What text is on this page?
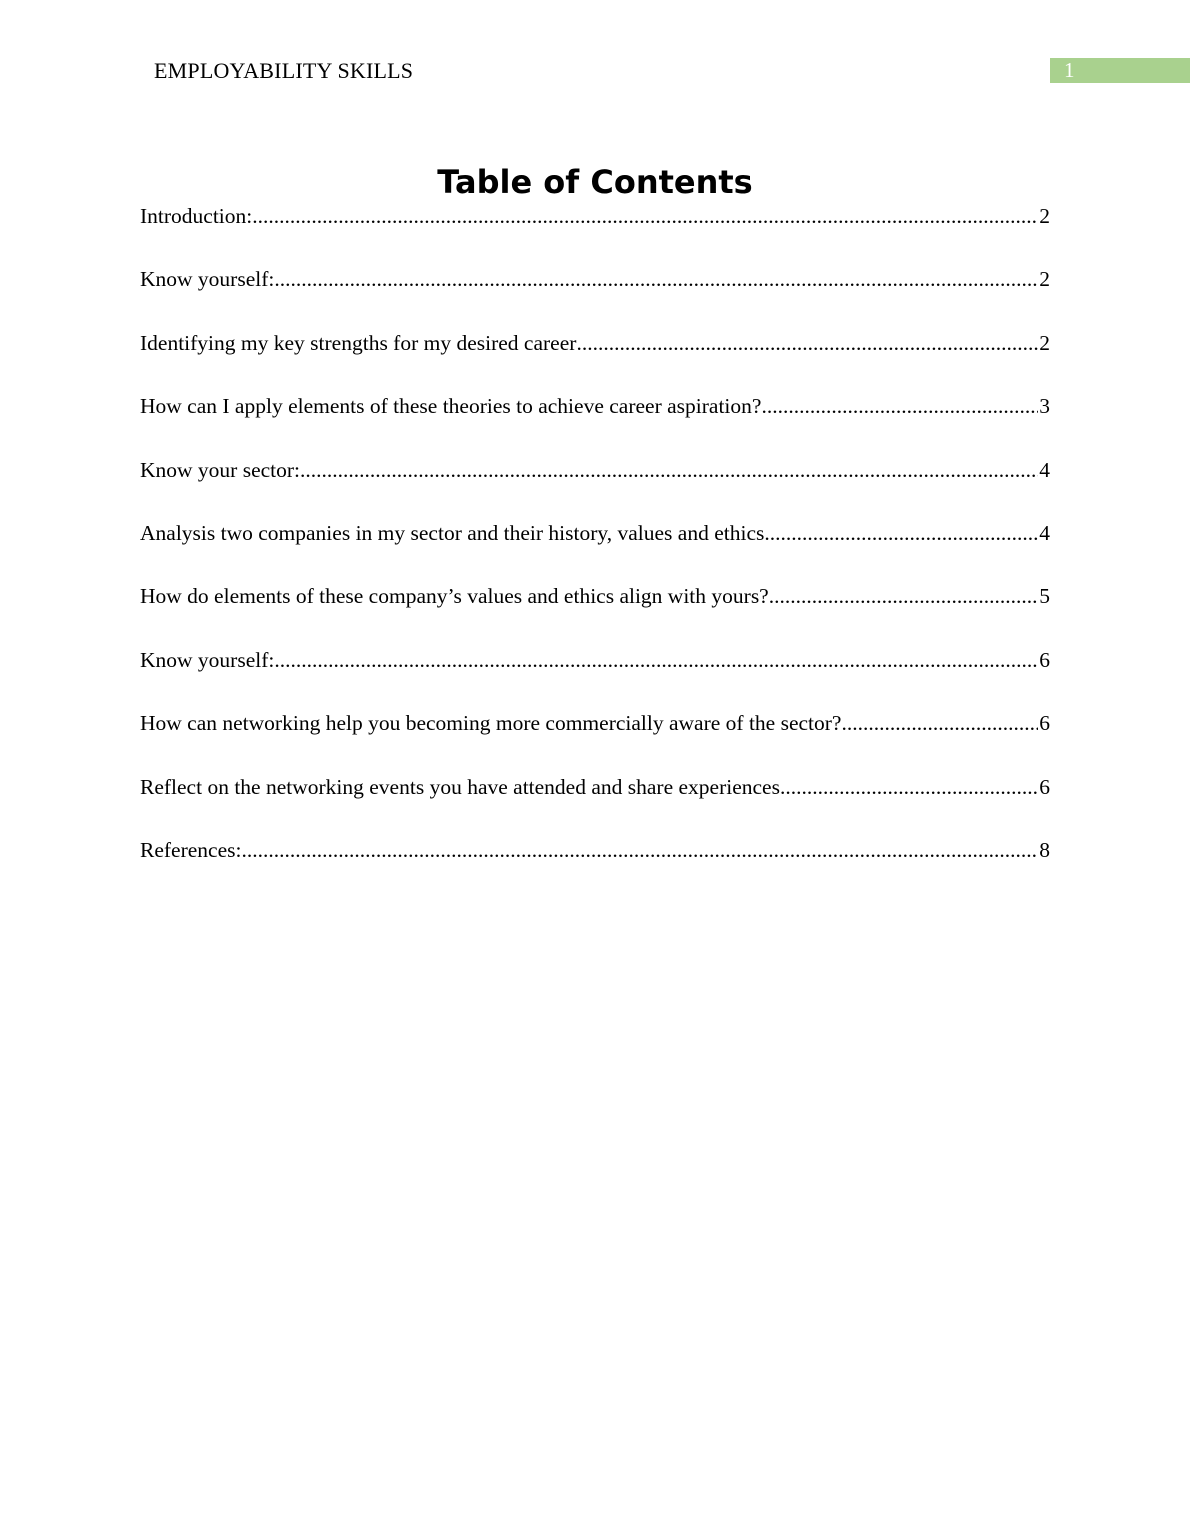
EMPLOYABILITY SKILLS	1
Table of Contents
Introduction: .....	2
Know yourself: .....	2
Identifying my key strengths for my desired career .....	2
How can I apply elements of these theories to achieve career aspiration? .....	3
Know your sector: .....	4
Analysis two companies in my sector and their history, values and ethics .....	4
How do elements of these company’s values and ethics align with yours? .....	5
Know yourself: .....	6
How can networking help you becoming more commercially aware of the sector? .....	6
Reflect on the networking events you have attended and share experiences .....	6
References: .....	8
